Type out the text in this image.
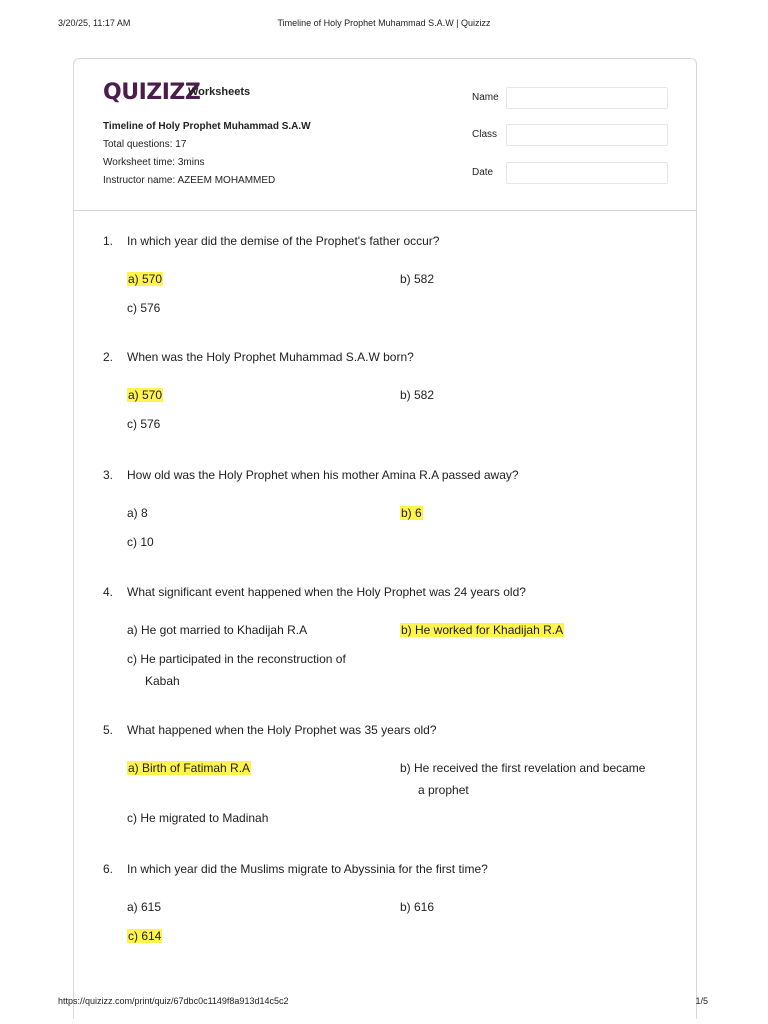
3/20/25, 11:17 AM	Timeline of Holy Prophet Muhammad S.A.W | Quizizz
QUIZIZZ
Worksheets
Timeline of Holy Prophet Muhammad S.A.W
Total questions: 17
Worksheet time: 3mins
Instructor name: AZEEM MOHAMMED
Name
Class
Date
1. In which year did the demise of the Prophet's father occur?
a) 570	b) 582
c) 576
2. When was the Holy Prophet Muhammad S.A.W born?
a) 570	b) 582
c) 576
3. How old was the Holy Prophet when his mother Amina R.A passed away?
a) 8	b) 6
c) 10
4. What significant event happened when the Holy Prophet was 24 years old?
a) He got married to Khadijah R.A	b) He worked for Khadijah R.A
c) He participated in the reconstruction of
Kabah
5. What happened when the Holy Prophet was 35 years old?
a) Birth of Fatimah R.A	b) He received the first revelation and became
a prophet
c) He migrated to Madinah
6. In which year did the Muslims migrate to Abyssinia for the first time?
a) 615	b) 616
c) 614
https://quizizz.com/print/quiz/67dbc0c1149f8a913d14c5c2	1/5
